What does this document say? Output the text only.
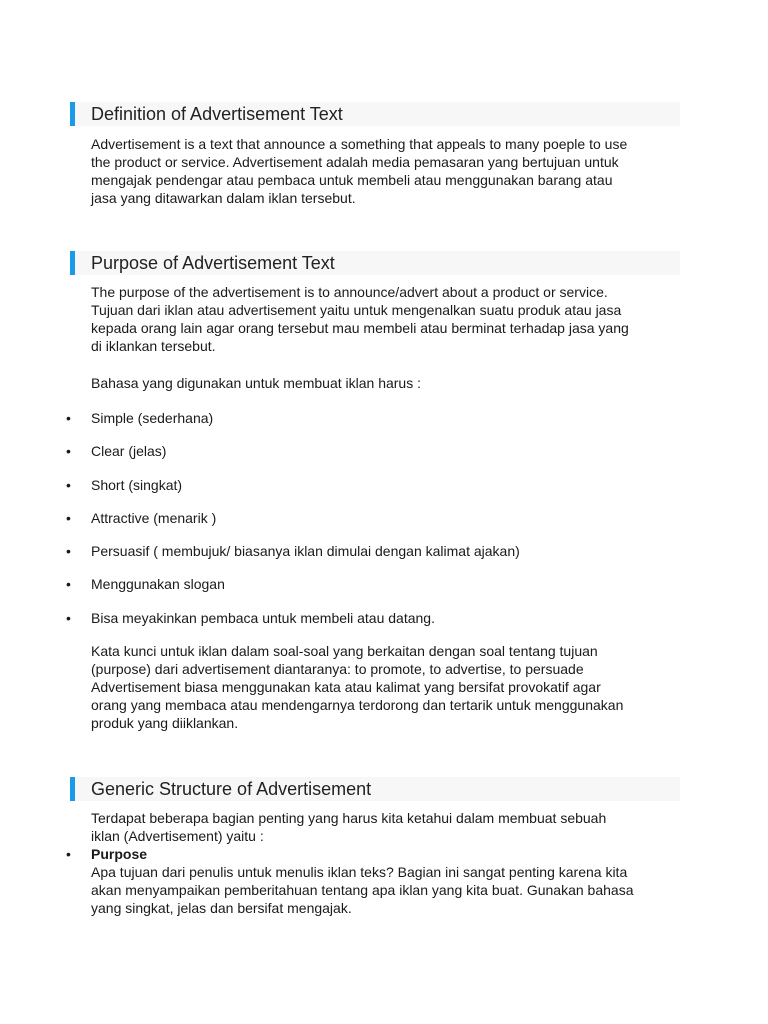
Definition of Advertisement Text
Advertisement is a text that announce a something that appeals to many poeple to use
the product or service. Advertisement adalah media pemasaran yang bertujuan untuk
mengajak pendengar atau pembaca untuk membeli atau menggunakan barang atau
jasa yang ditawarkan dalam iklan tersebut.
Purpose of Advertisement Text
The purpose of the advertisement is to announce/advert about a product or service.
Tujuan dari iklan atau advertisement yaitu untuk mengenalkan suatu produk atau jasa
kepada orang lain agar orang tersebut mau membeli atau berminat terhadap jasa yang
di iklankan tersebut.
Bahasa yang digunakan untuk membuat iklan harus :
•	Simple (sederhana)
•	Clear (jelas)
•	Short (singkat)
•	Attractive (menarik )
•	Persuasif ( membujuk/ biasanya iklan dimulai dengan kalimat ajakan)
•	Menggunakan slogan
•	Bisa meyakinkan pembaca untuk membeli atau datang.
Kata kunci untuk iklan dalam soal-soal yang berkaitan dengan soal tentang tujuan
(purpose) dari advertisement diantaranya: to promote, to advertise, to persuade
Advertisement biasa menggunakan kata atau kalimat yang bersifat provokatif agar
orang yang membaca atau mendengarnya terdorong dan tertarik untuk menggunakan
produk yang diiklankan.
Generic Structure of Advertisement
Terdapat beberapa bagian penting yang harus kita ketahui dalam membuat sebuah
iklan (Advertisement) yaitu :
•	Purpose
Apa tujuan dari penulis untuk menulis iklan teks? Bagian ini sangat penting karena kita
akan menyampaikan pemberitahuan tentang apa iklan yang kita buat. Gunakan bahasa
yang singkat, jelas dan bersifat mengajak.
